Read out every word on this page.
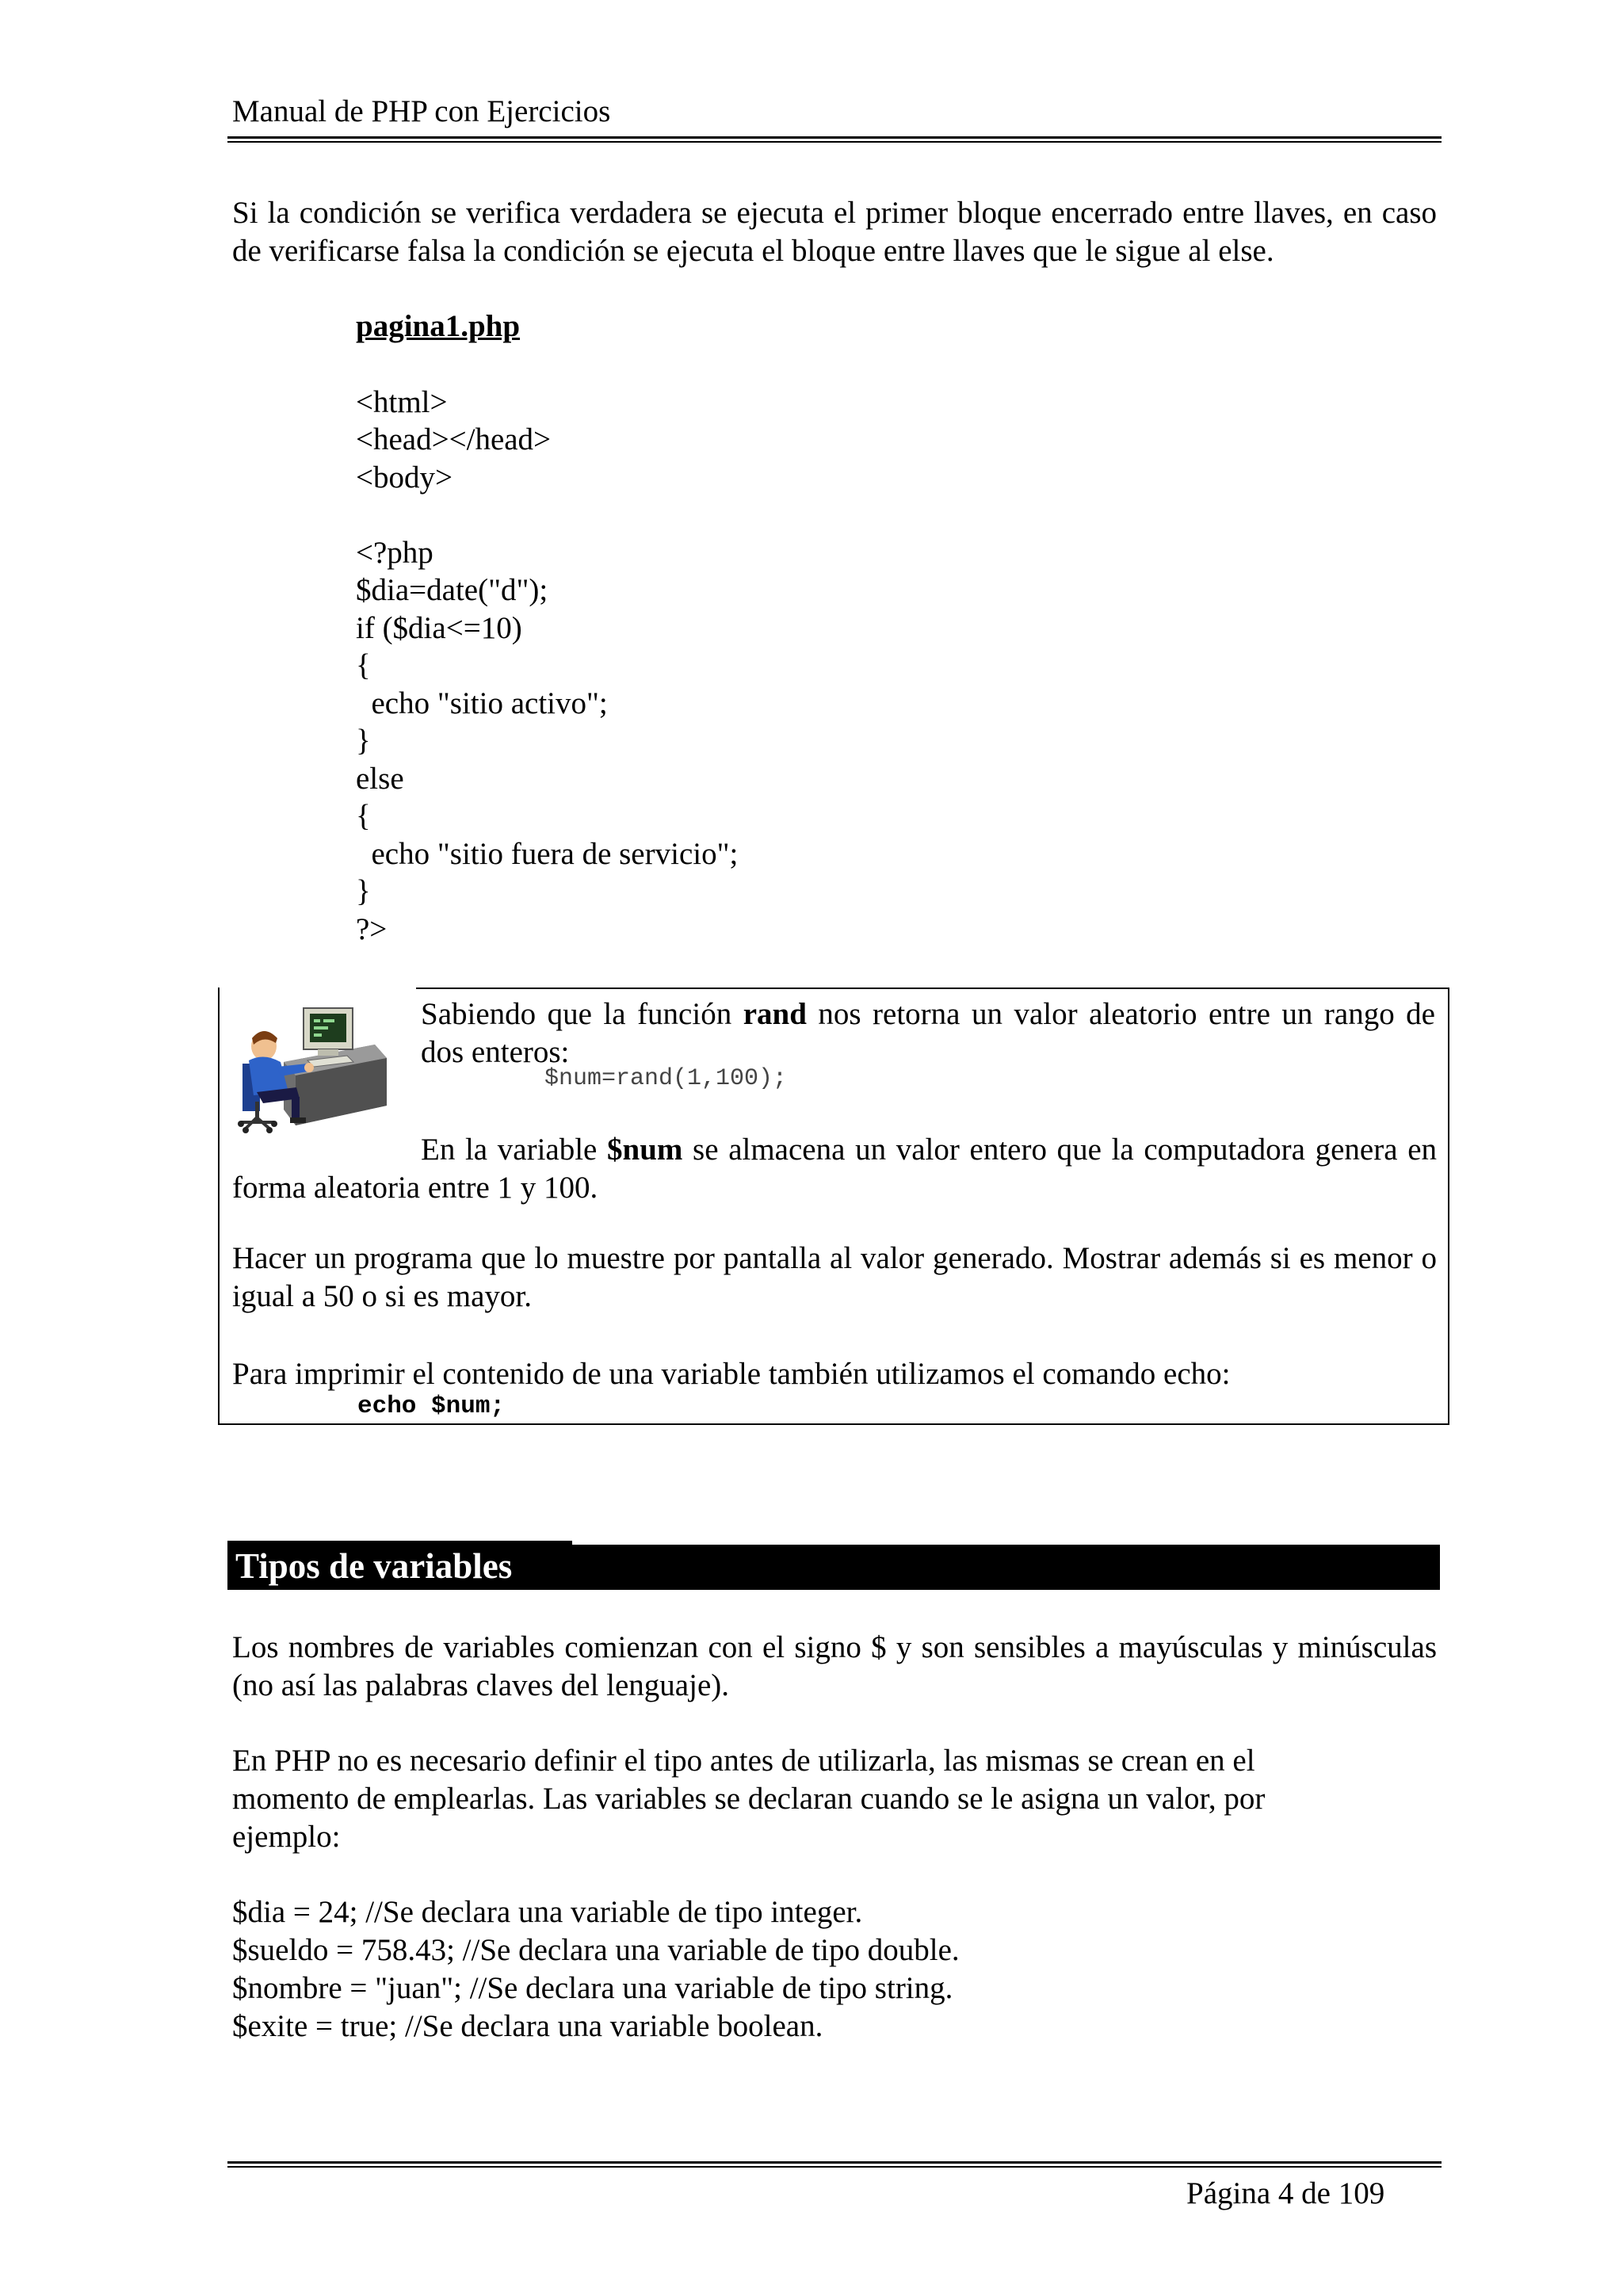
Manual de PHP con Ejercicios

Si la condición se verifica verdadera se ejecuta el primer bloque encerrado entre llaves, en caso de verificarse falsa la condición se ejecuta el bloque entre llaves que le sigue al else.

pagina1.php
<html>
<head></head>
<body>
<?php
$dia=date("d");
if ($dia<=10)
{
echo "sitio activo";
}
else
{
echo "sitio fuera de servicio";
}
?>

Sabiendo que la función rand nos retorna un valor aleatorio entre un rango de dos enteros:

$num=rand(1,100);

En la variable $num se almacena un valor entero que la computadora genera en forma aleatoria entre 1 y 100.

Hacer un programa que lo muestre por pantalla al valor generado. Mostrar además si es menor o igual a 50 o si es mayor.

Para imprimir el contenido de una variable también utilizamos el comando echo:

echo $num;
Tipos de variables

Los nombres de variables comienzan con el signo $ y son sensibles a mayúsculas y minúsculas (no así las palabras claves del lenguaje).

En PHP no es necesario definir el tipo antes de utilizarla, las mismas se crean en el momento de emplearlas. Las variables se declaran cuando se le asigna un valor, por ejemplo:

$dia = 24; //Se declara una variable de tipo integer.
$sueldo = 758.43; //Se declara una variable de tipo double.
$nombre = "juan"; //Se declara una variable de tipo string.
$exite = true; //Se declara una variable boolean.
Página 4 de 109
